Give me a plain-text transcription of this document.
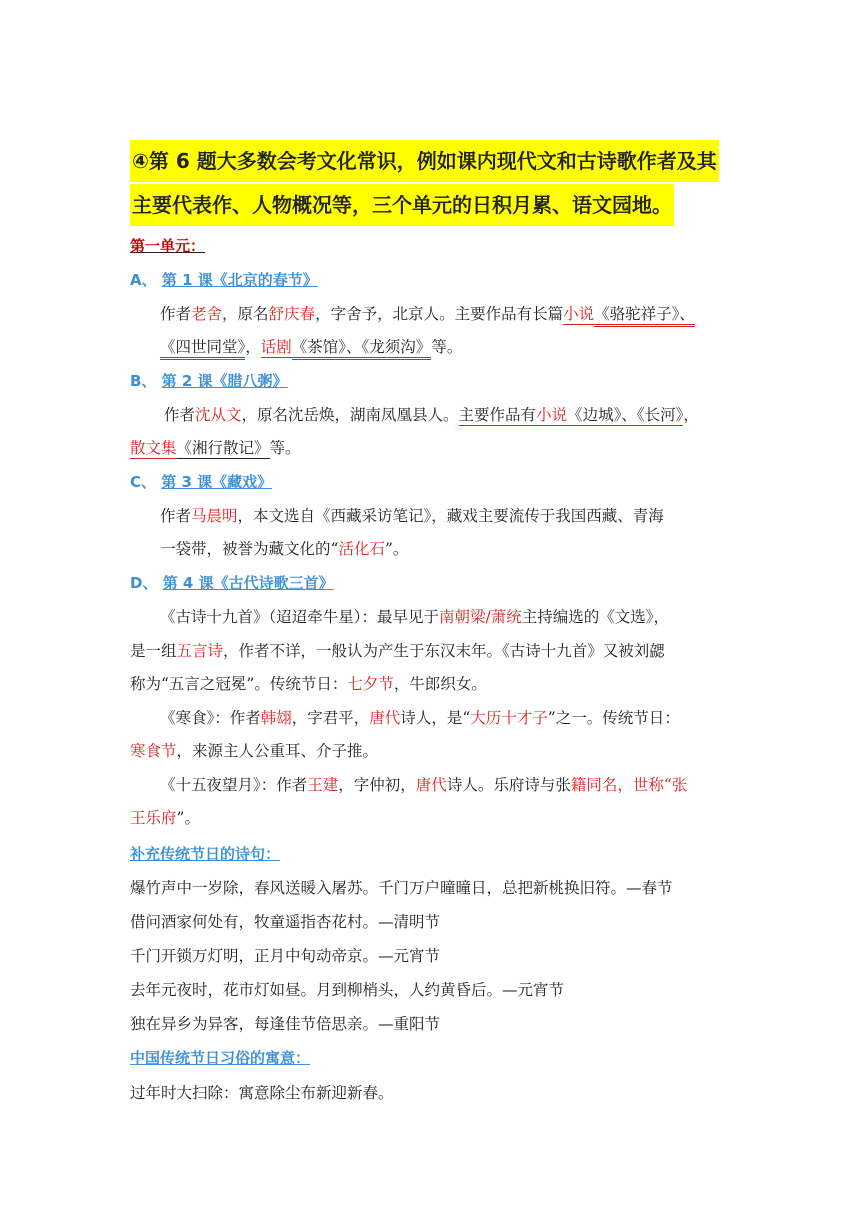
④第 6 题大多数会考文化常识，例如课内现代文和古诗歌作者及其
主要代表作、人物概况等，三个单元的日积月累、语文园地。
第一单元：
A、 第 1 课《北京的春节》
作者老舍，原名舒庆春，字舍予，北京人。主要作品有长篇小说《骆驼祥子》、
《四世同堂》，话剧《茶馆》、《龙须沟》等。
B、 第 2 课《腊八粥》
作者沈从文，原名沈岳焕，湖南凤凰县人。主要作品有小说《边城》、《长河》，
散文集《湘行散记》等。
C、 第 3 课《藏戏》
作者马晨明，本文选自《西藏采访笔记》，藏戏主要流传于我国西藏、青海
一袋带，被誉为藏文化的“活化石”。
D、 第 4 课《古代诗歌三首》
《古诗十九首》（迢迢牵牛星）：最早见于南朝梁/萧统主持编选的《文选》，
是一组五言诗，作者不详，一般认为产生于东汉末年。《古诗十九首》又被刘勰
称为“五言之冠冕”。传统节日：七夕节，牛郎织女。
《寒食》：作者韩翃，字君平，唐代诗人，是“大历十才子”之一。传统节日：
寒食节，来源主人公重耳、介子推。
《十五夜望月》：作者王建，字仲初，唐代诗人。乐府诗与张籍同名，世称“张
王乐府”。
补充传统节日的诗句：
爆竹声中一岁除，春风送暖入屠苏。千门万户曈曈日，总把新桃换旧符。—春节
借问酒家何处有，牧童遥指杏花村。—清明节
千门开锁万灯明，正月中旬动帝京。—元宵节
去年元夜时，花市灯如昼。月到柳梢头，人约黄昏后。—元宵节
独在异乡为异客，每逢佳节倍思亲。—重阳节
中国传统节日习俗的寓意：
过年时大扫除：寓意除尘布新迎新春。
